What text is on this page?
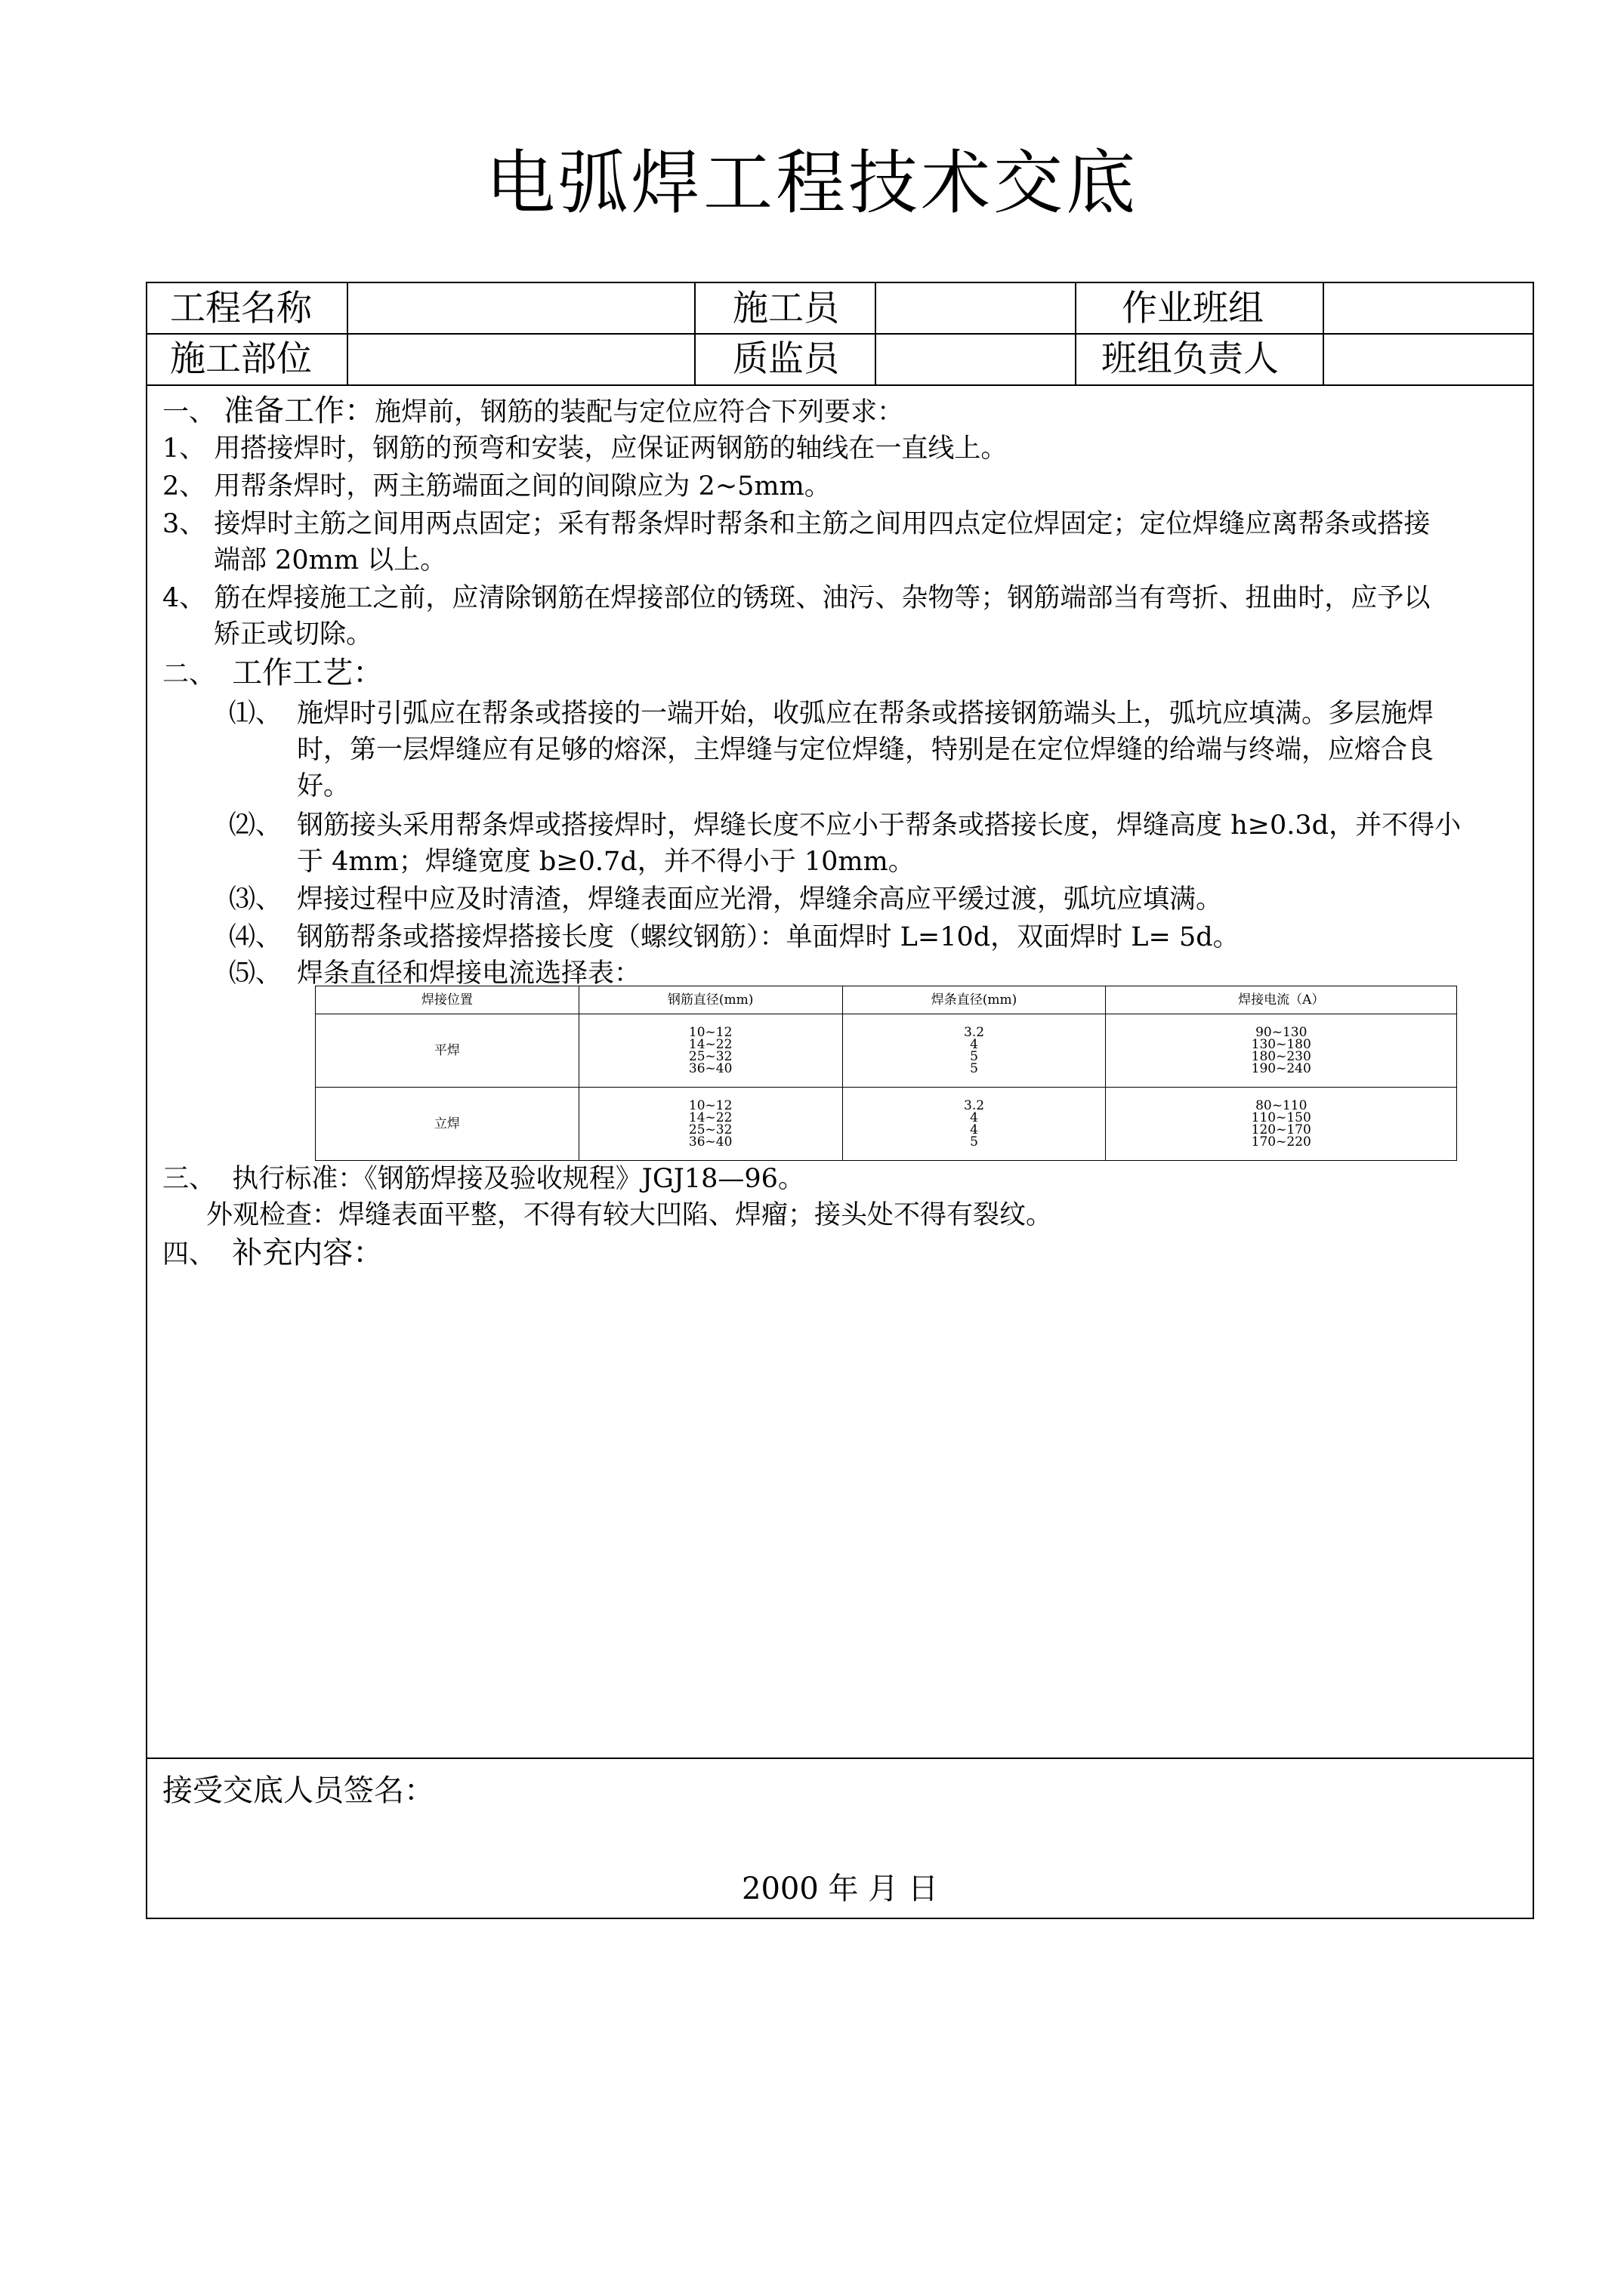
电弧焊工程技术交底
工程名称	施工员	作业班组
施工部位	质监员	班组负责人
一、 准备工作：施焊前，钢筋的装配与定位应符合下列要求：
1、 用搭接焊时，钢筋的预弯和安装，应保证两钢筋的轴线在一直线上。
2、 用帮条焊时，两主筋端面之间的间隙应为 2~5mm。
3、 接焊时主筋之间用两点固定；采有帮条焊时帮条和主筋之间用四点定位焊固定；定位焊缝应离帮条或搭接
端部 20mm 以上。
4、 筋在焊接施工之前，应清除钢筋在焊接部位的锈斑、油污、杂物等；钢筋端部当有弯折、扭曲时，应予以
矫正或切除。
二、 工作工艺：
⑴、 施焊时引弧应在帮条或搭接的一端开始，收弧应在帮条或搭接钢筋端头上，弧坑应填满。多层施焊
时，第一层焊缝应有足够的熔深，主焊缝与定位焊缝，特别是在定位焊缝的给端与终端，应熔合良
好。
⑵、 钢筋接头采用帮条焊或搭接焊时，焊缝长度不应小于帮条或搭接长度，焊缝高度 h≥0.3d，并不得小
于 4mm；焊缝宽度 b≥0.7d，并不得小于 10mm。
⑶、 焊接过程中应及时清渣，焊缝表面应光滑，焊缝余高应平缓过渡，弧坑应填满。
⑷、 钢筋帮条或搭接焊搭接长度（螺纹钢筋）：单面焊时 L=10d，双面焊时 L= 5d。
⑸、 焊条直径和焊接电流选择表：
焊接位置	钢筋直径(mm)	焊条直径(mm)	焊接电流（A）
平焊	10~12
14~22
25~32
36~40	3.2
4
5
5	90~130
130~180
180~230
190~240

立焊	10~12
14~22
25~32
36~40	3.2
4
4
5	80~110
110~150
120~170
170~220
三、 执行标准：《钢筋焊接及验收规程》JGJ18—96。
外观检查：焊缝表面平整，不得有较大凹陷、焊瘤；接头处不得有裂纹。
四、 补充内容：
接受交底人员签名：
2000 年 月 日
